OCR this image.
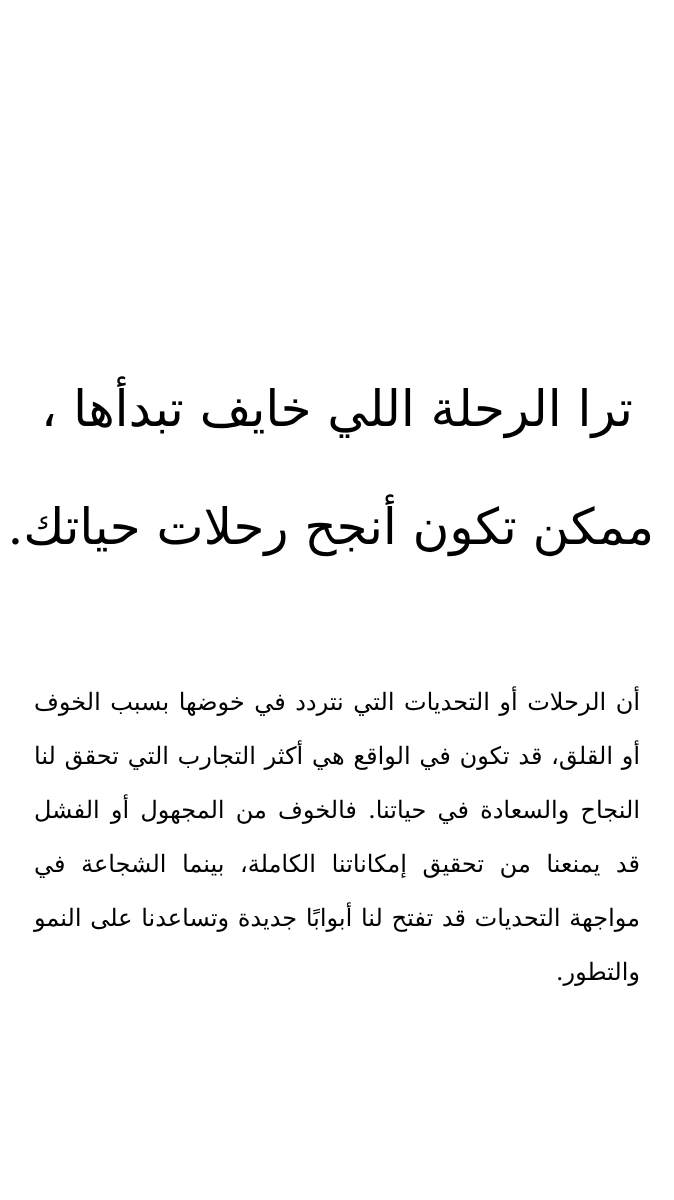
ترا الرحلة اللي خايف تبدأها ،
ممكن تكون أنجح رحلات حياتك.
أن الرحلات أو التحديات التي نتردد في خوضها بسبب الخوف أو القلق، قد تكون في الواقع هي أكثر التجارب التي تحقق لنا النجاح والسعادة في حياتنا. فالخوف من المجهول أو الفشل قد يمنعنا من تحقيق إمكاناتنا الكاملة، بينما الشجاعة في مواجهة التحديات قد تفتح لنا أبوابًا جديدة وتساعدنا على النمو والتطور.
